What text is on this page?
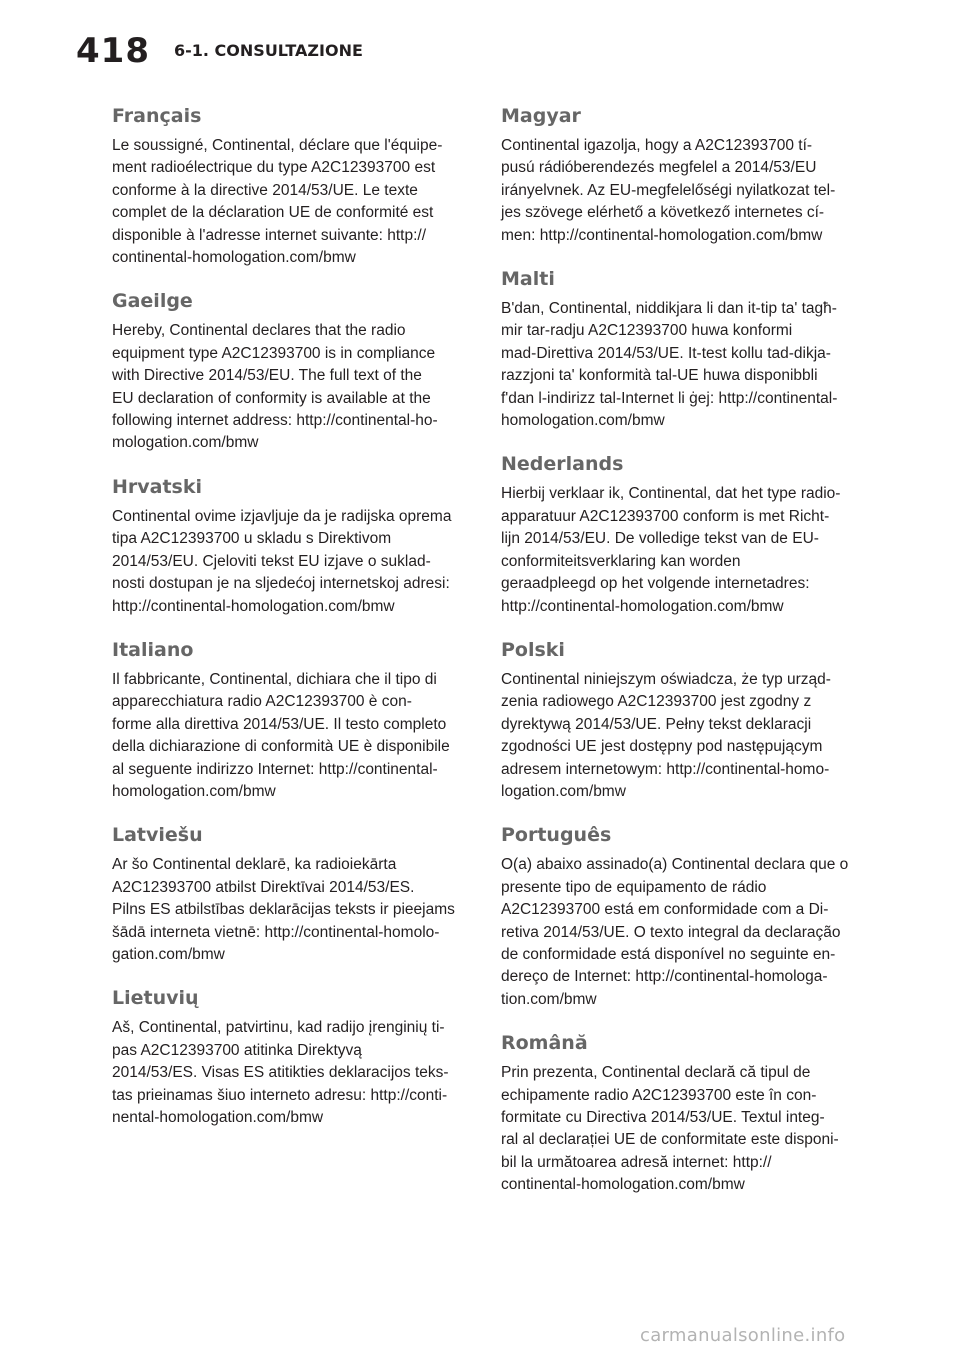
418 6-1. CONSULTAZIONE
Français

Le soussigné, Continental, déclare que l'équipe-
ment radioélectrique du type A2C12393700 est
conforme à la directive 2014/53/UE. Le texte
complet de la déclaration UE de conformité est
disponible à l'adresse internet suivante: http://
continental-homologation.com/bmw

Gaeilge

Hereby, Continental declares that the radio
equipment type A2C12393700 is in compliance
with Directive 2014/53/EU. The full text of the
EU declaration of conformity is available at the
following internet address: http://continental-ho-
mologation.com/bmw

Hrvatski

Continental ovime izjavljuje da je radijska oprema
tipa A2C12393700 u skladu s Direktivom
2014/53/EU. Cjeloviti tekst EU izjave o suklad-
nosti dostupan je na sljedećoj internetskoj adresi:
http://continental-homologation.com/bmw

Italiano

Il fabbricante, Continental, dichiara che il tipo di
apparecchiatura radio A2C12393700 è con-
forme alla direttiva 2014/53/UE. Il testo completo
della dichiarazione di conformità UE è disponibile
al seguente indirizzo Internet: http://continental-
homologation.com/bmw

Latviešu

Ar šo Continental deklarē, ka radioiekārta
A2C12393700 atbilst Direktīvai 2014/53/ES.
Pilns ES atbilstības deklarācijas teksts ir pieejams
šādā interneta vietnē: http://continental-homolo-
gation.com/bmw

Lietuvių

Aš, Continental, patvirtinu, kad radijo įrenginių ti-
pas A2C12393700 atitinka Direktyvą
2014/53/ES. Visas ES atitikties deklaracijos teks-
tas prieinamas šiuo interneto adresu: http://conti-
nental-homologation.com/bmw

Magyar

Continental igazolja, hogy a A2C12393700 tí-
pusú rádióberendezés megfelel a 2014/53/EU
irányelvnek. Az EU-megfelelőségi nyilatkozat tel-
jes szövege elérhető a következő internetes cí-
men: http://continental-homologation.com/bmw

Malti

B'dan, Continental, niddikjara li dan it-tip ta' tagħ-
mir tar-radju A2C12393700 huwa konformi
mad-Direttiva 2014/53/UE. It-test kollu tad-dikja-
razzjoni ta' konformità tal-UE huwa disponibbli
f'dan l-indirizz tal-Internet li ġej: http://continental-
homologation.com/bmw

Nederlands

Hierbij verklaar ik, Continental, dat het type radio-
apparatuur A2C12393700 conform is met Richt-
lijn 2014/53/EU. De volledige tekst van de EU-
conformiteitsverklaring kan worden
geraadpleegd op het volgende internetadres:
http://continental-homologation.com/bmw

Polski

Continental niniejszym oświadcza, że typ urząd-
zenia radiowego A2C12393700 jest zgodny z
dyrektywą 2014/53/UE. Pełny tekst deklaracji
zgodności UE jest dostępny pod następującym
adresem internetowym: http://continental-homo-
logation.com/bmw

Português

O(a) abaixo assinado(a) Continental declara que o
presente tipo de equipamento de rádio
A2C12393700 está em conformidade com a Di-
retiva 2014/53/UE. O texto integral da declaração
de conformidade está disponível no seguinte en-
dereço de Internet: http://continental-homologa-
tion.com/bmw

Română

Prin prezenta, Continental declară că tipul de
echipamente radio A2C12393700 este în con-
formitate cu Directiva 2014/53/UE. Textul integ-
ral al declarației UE de conformitate este disponi-
bil la următoarea adresă internet: http://
continental-homologation.com/bmw

carmanualsonline.info
